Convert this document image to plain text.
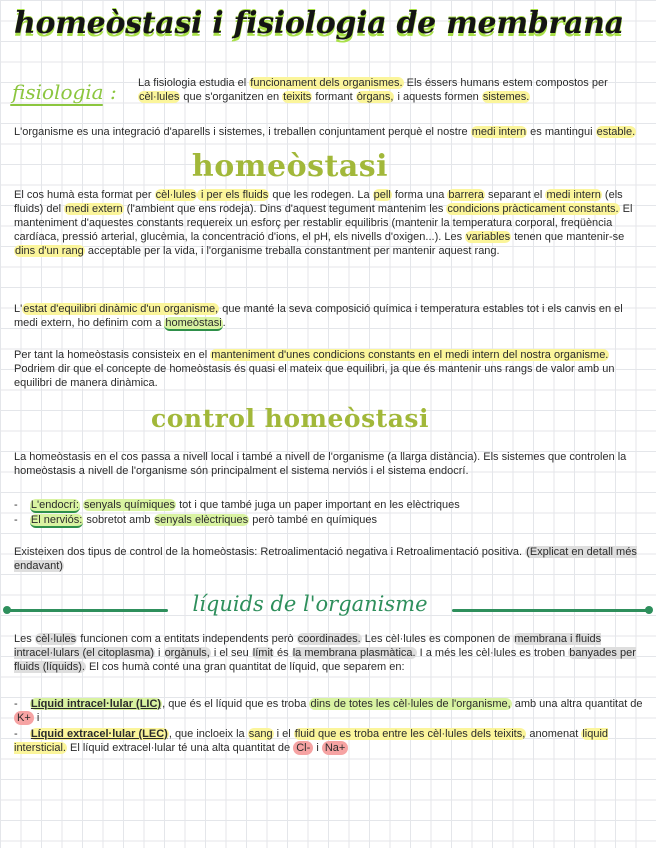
homeòstasi i fisiologia de membrana
fisiologia : La fisiologia estudia el funcionament dels organismes. Els éssers humans estem compostos per cèl·lules que s'organitzen en teixits formant òrgans, i aquests formen sistemes.

L'organisme es una integració d'aparells i sistemes, i treballen conjuntament perquè el nostre medi intern es mantingui estable.

homeòstasi

El cos humà esta format per cèl·lules i per els fluids que les rodegen. La pell forma una barrera separant el medi intern (els fluids) del medi extern (l'ambient que ens rodeja). Dins d'aquest tegument mantenim les condicions pràcticament constants. El manteniment d'aquestes constants requereix un esforç per restablir equilibris (mantenir la temperatura corporal, freqüència cardíaca, pressió arterial, glucèmia, la concentració d'ions, el pH, els nivells d'oxigen...). Les variables tenen que mantenir-se dins d'un rang acceptable per la vida, i l'organisme treballa constantment per mantenir aquest rang.

L'estat d'equilibri dinàmic d'un organisme, que manté la seva composició química i temperatura estables tot i els canvis en el medi extern, ho definim com a homeòstasi.

Per tant la homeòstasis consisteix en el manteniment d'unes condicions constants en el medi intern del nostra organisme. Podriem dir que el concepte de homeòstasis és quasi el mateix que equilibri, ja que és mantenir uns rangs de valor amb un equilibri de manera dinàmica.

control homeòstasi

La homeòstasis en el cos passa a nivell local i també a nivell de l'organisme (a llarga distància). Els sistemes que controlen la homeòstasis a nivell de l'organisme són principalment el sistema nerviós i el sistema endocrí.

- L'endocrí: senyals químiques tot i que també juga un paper important en les elèctriques
- El nerviós: sobretot amb senyals elèctriques però també en químiques

Existeixen dos tipus de control de la homeòstasis: Retroalimentació negativa i Retroalimentació positiva. (Explicat en detall més endavant)

líquids de l'organisme

Les cèl·lules funcionen com a entitats independents però coordinades. Les cèl·lules es componen de membrana i fluids intracel·lulars (el citoplasma) i orgànuls, i el seu límit és la membrana plasmàtica. I a més les cèl·lules es troben banyades per fluids (líquids). El cos humà conté una gran quantitat de líquid, que separem en:

- Líquid intracel·lular (LIC), que és el líquid que es troba dins de totes les cèl·lules de l'organisme, amb una altra quantitat de K+ i
- Líquid extracel·lular (LEC), que incloeix la sang i el fluid que es troba entre les cèl·lules dels teixits, anomenat liquid intersticial. El líquid extracel·lular té una alta quantitat de Cl- i Na+
